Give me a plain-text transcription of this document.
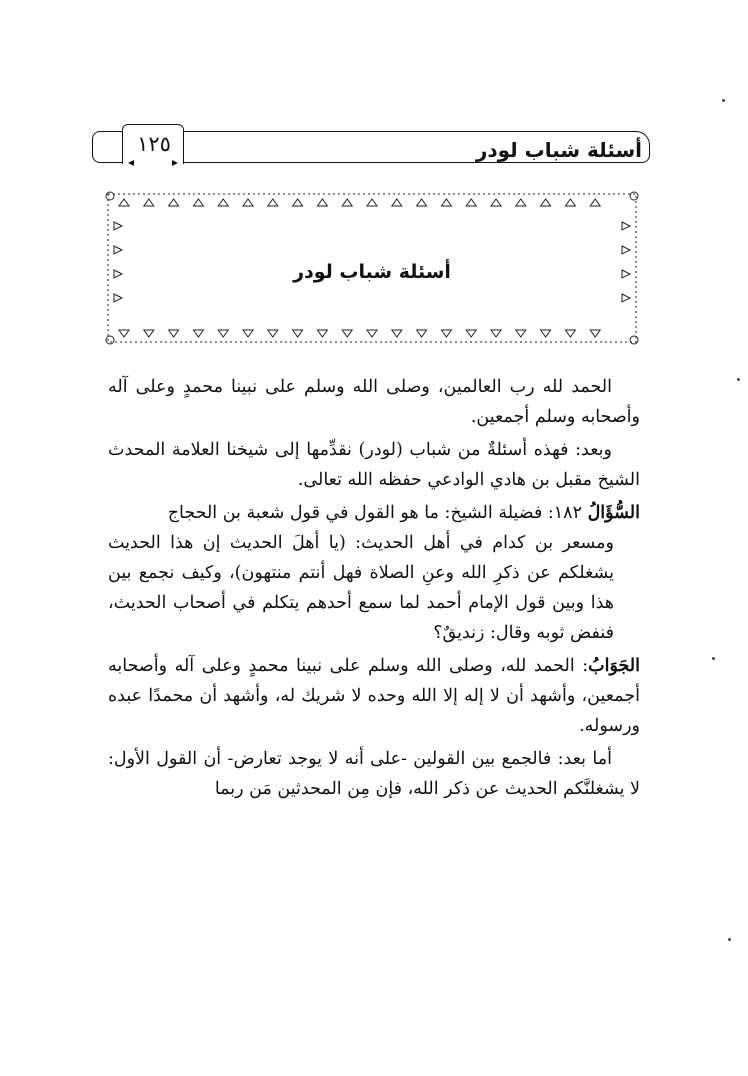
أسئلة شباب لودر
١٢٥
أسئلة شباب لودر

الحمد لله رب العالمين، وصلى الله وسلم على نبينا محمدٍ وعلى آله وأصحابه وسلم أجمعين.

وبعد: فهذه أسئلةٌ من شباب (لودر) نقدِّمها إلى شيخنا العلامة المحدث الشيخ مقبل بن هادي الوادعي حفظه الله تعالى.

السُّؤَالُ ١٨٢: فضيلة الشيخ: ما هو القول في قول شعبة بن الحجاج
ومسعر بن كدام في أهل الحديث: (يا أهلَ الحديث إن هذا الحديث يشغلكم عن ذكرِ الله وعنِ الصلاة فهل أنتم منتهون)، وكيف نجمع بين هذا وبين قول الإمام أحمد لما سمع أحدهم يتكلم في أصحاب الحديث، فنفض ثوبه وقال: زنديقٌ؟

الجَوَابُ: الحمد لله، وصلى الله وسلم على نبينا محمدٍ وعلى آله وأصحابه أجمعين، وأشهد أن لا إله إلا الله وحده لا شريك له، وأشهد أن محمدًا عبده ورسوله.

أما بعد: فالجمع بين القولين -على أنه لا يوجد تعارض- أن القول الأول: لا يشغلنَّكم الحديث عن ذكر الله، فإن مِن المحدثين مَن ربما
